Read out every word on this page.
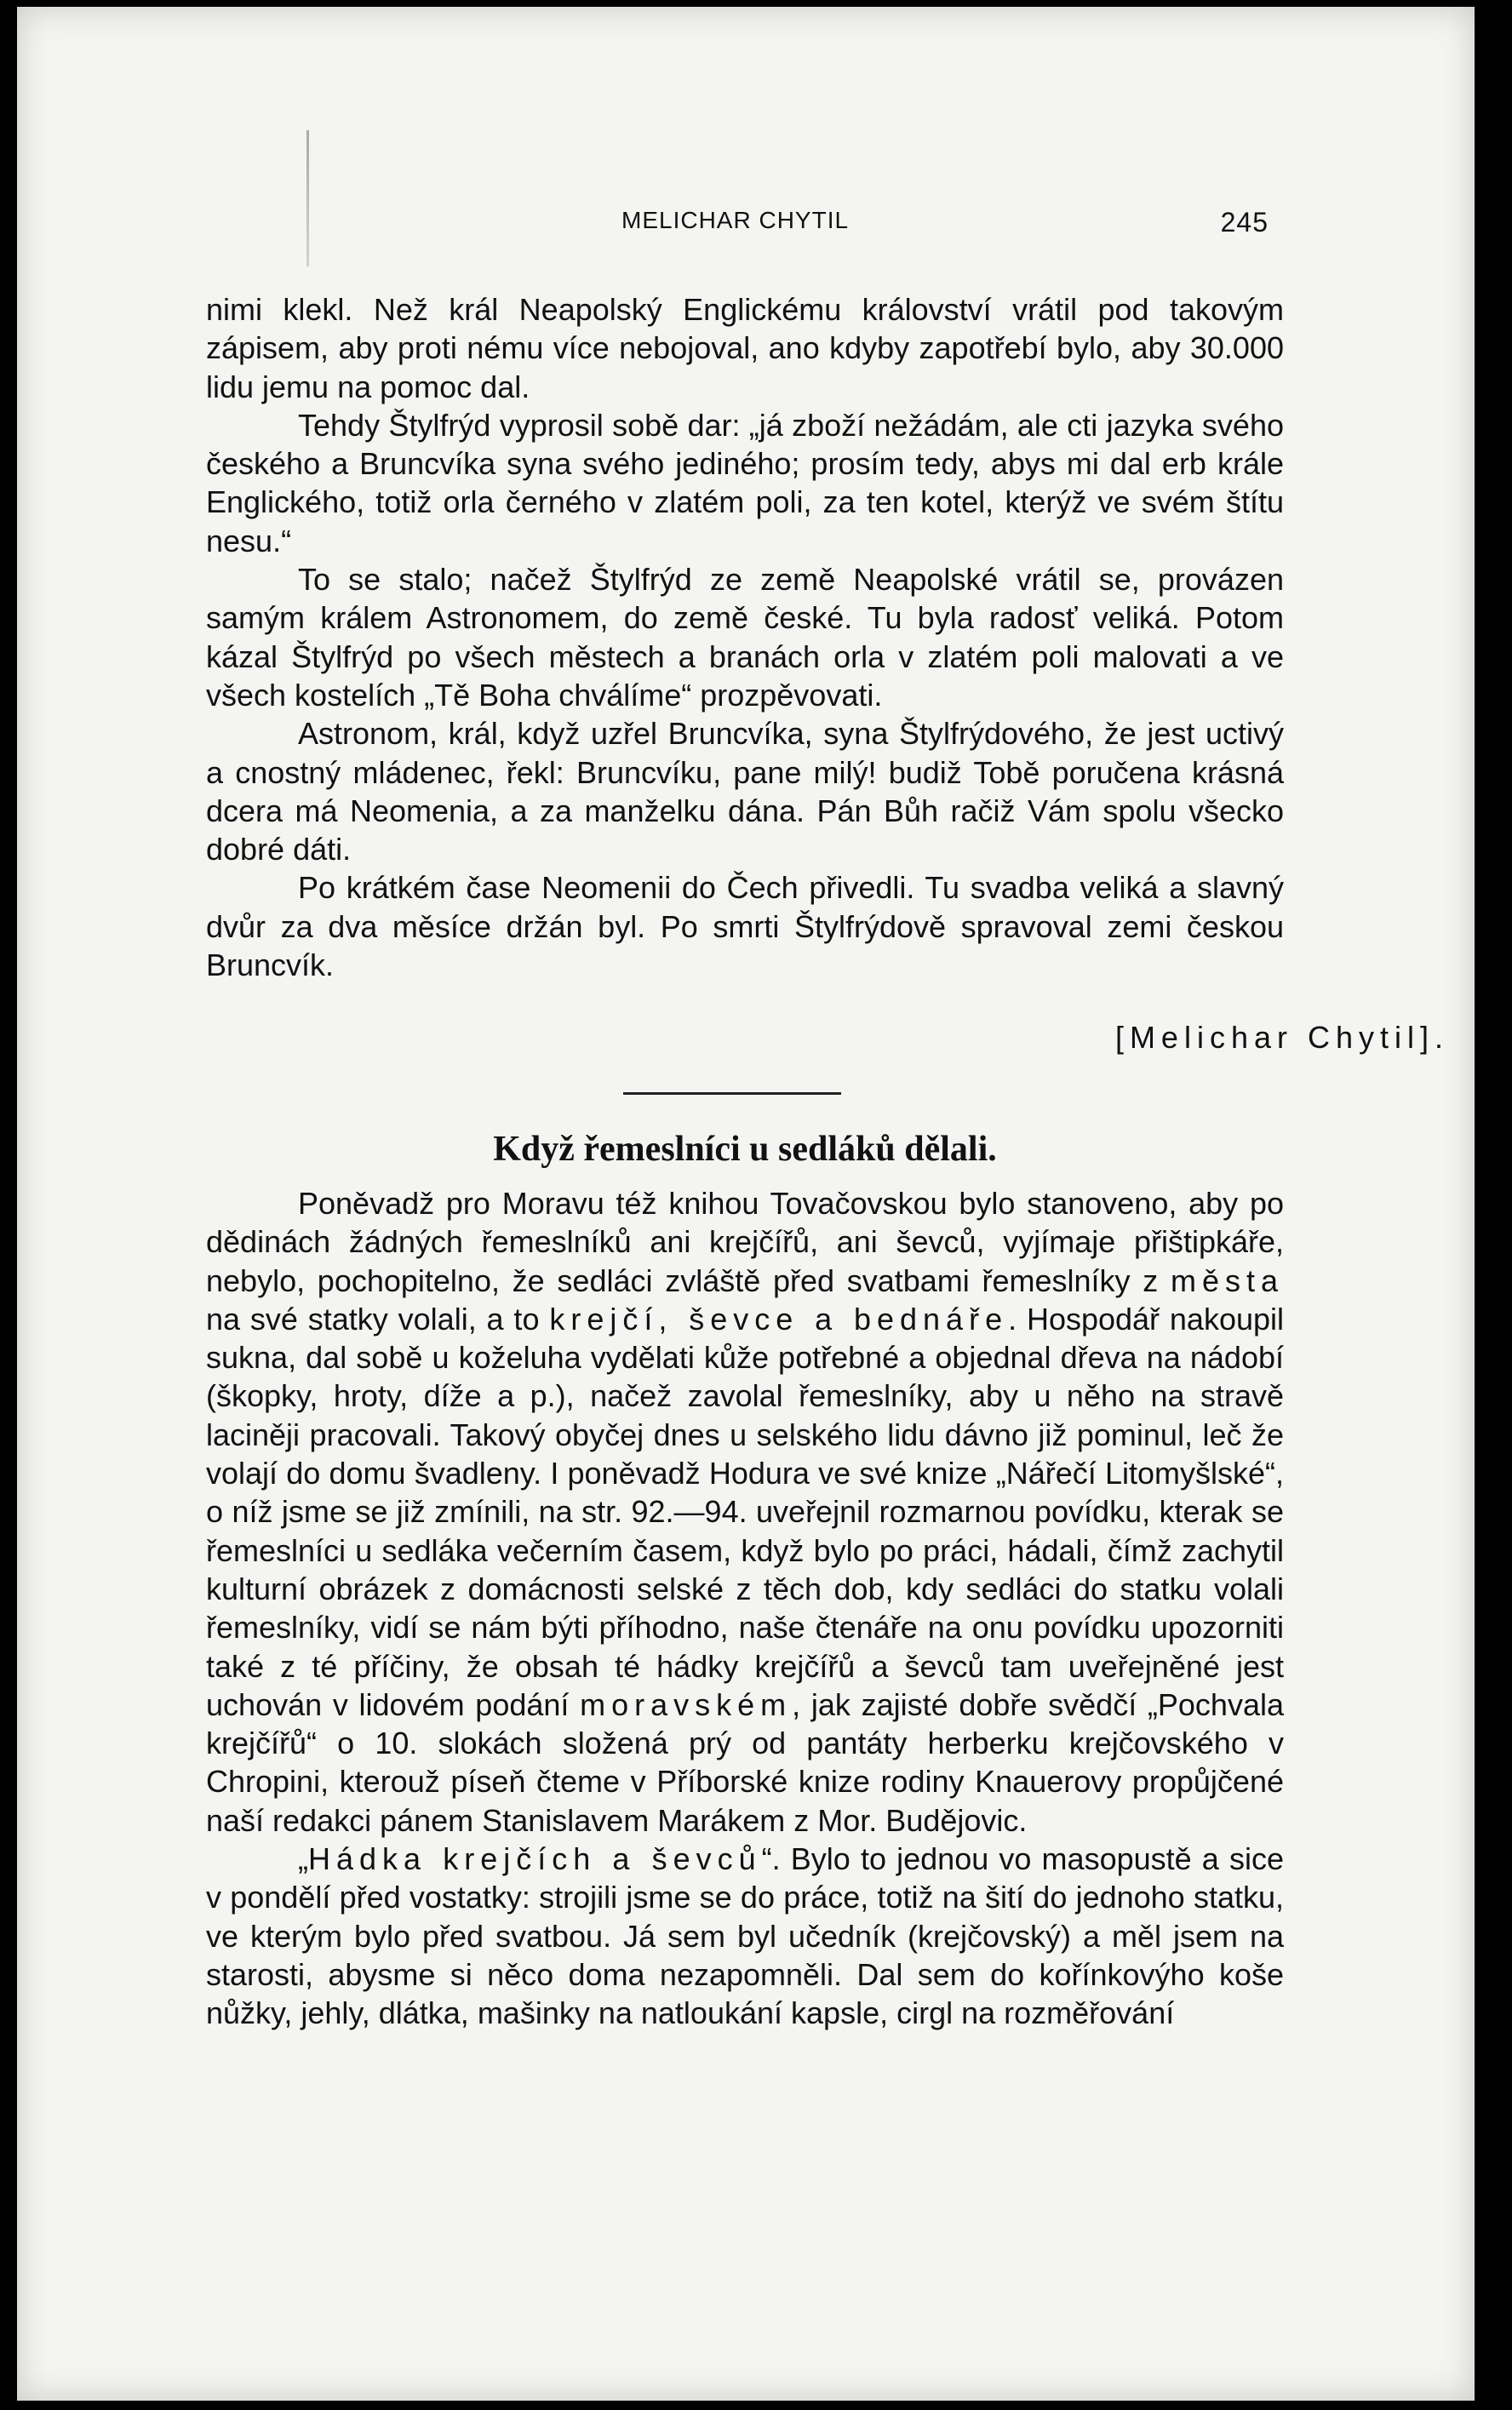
MELICHAR CHYTIL	245

nimi klekl. Než král Neapolský Englickému království vrátil pod takovým zápisem, aby proti nému více nebojoval, ano kdyby zapotřebí bylo, aby 30.000 lidu jemu na pomoc dal.

Tehdy Štylfrýd vyprosil sobě dar: „já zboží nežádám, ale cti jazyka svého českého a Bruncvíka syna svého jediného; prosím tedy, abys mi dal erb krále Englického, totiž orla černého v zlatém poli, za ten kotel, kterýž ve svém štítu nesu.“

To se stalo; načež Štylfrýd ze země Neapolské vrátil se, provázen samým králem Astronomem, do země české. Tu byla radosť veliká. Potom kázal Štylfrýd po všech městech a branách orla v zlatém poli malovati a ve všech kostelích „Tě Boha chválíme“ prozpěvovati.

Astronom, král, když uzřel Bruncvíka, syna Štylfrýdového, že jest uctivý a cnostný mládenec, řekl: Bruncvíku, pane milý! budiž Tobě poručena krásná dcera má Neomenia, a za manželku dána. Pán Bůh račiž Vám spolu všecko dobré dáti.

Po krátkém čase Neomenii do Čech přivedli. Tu svadba veliká a slavný dvůr za dva měsíce držán byl. Po smrti Štylfrýdově spravoval zemi českou Bruncvík.

[Melichar Chytil].
Když řemeslníci u sedláků dělali.

Poněvadž pro Moravu též knihou Tovačovskou bylo stanoveno, aby po dědinách žádných řemeslníků ani krejčířů, ani ševců, vyjímaje přištipkáře, nebylo, pochopitelno, že sedláci zvláště před svatbami řemeslníky z města na své statky volali, a to krejčí, ševce a bednáře. Hospodář nakoupil sukna, dal sobě u koželuha vydělati kůže potřebné a objednal dřeva na nádobí (škopky, hroty, díže a p.), načež zavolal řemeslníky, aby u něho na stravě laciněji pracovali. Takový obyčej dnes u selského lidu dávno již pominul, leč že volají do domu švadleny. I poněvadž Hodura ve své knize „Nářečí Litomyšlské“, o níž jsme se již zmínili, na str. 92.—94. uveřejnil rozmarnou povídku, kterak se řemeslníci u sedláka večerním časem, když bylo po práci, hádali, čímž zachytil kulturní obrázek z domácnosti selské z těch dob, kdy sedláci do statku volali řemeslníky, vidí se nám býti příhodno, naše čtenáře na onu povídku upozorniti také z té příčiny, že obsah té hádky krejčířů a ševců tam uveřejněné jest uchován v lidovém podání moravském, jak zajisté dobře svědčí „Pochvala krejčířů“ o 10. slokách složená prý od pantáty herberku krejčovského v Chropini, kterouž píseň čteme v Příborské knize rodiny Knauerovy propůjčené naší redakci pánem Stanislavem Marákem z Mor. Budějovic.

„Hádka krejčích a ševců“. Bylo to jednou vo masopustě a sice v pondělí před vostatky: strojili jsme se do práce, totiž na šití do jednoho statku, ve kterým bylo před svatbou. Já sem byl učedník (krejčovský) a měl jsem na starosti, abysme si něco doma nezapomněli. Dal sem do kořínkovýho koše nůžky, jehly, dlátka, mašinky na natloukání kapsle, cirgl na rozměřování
